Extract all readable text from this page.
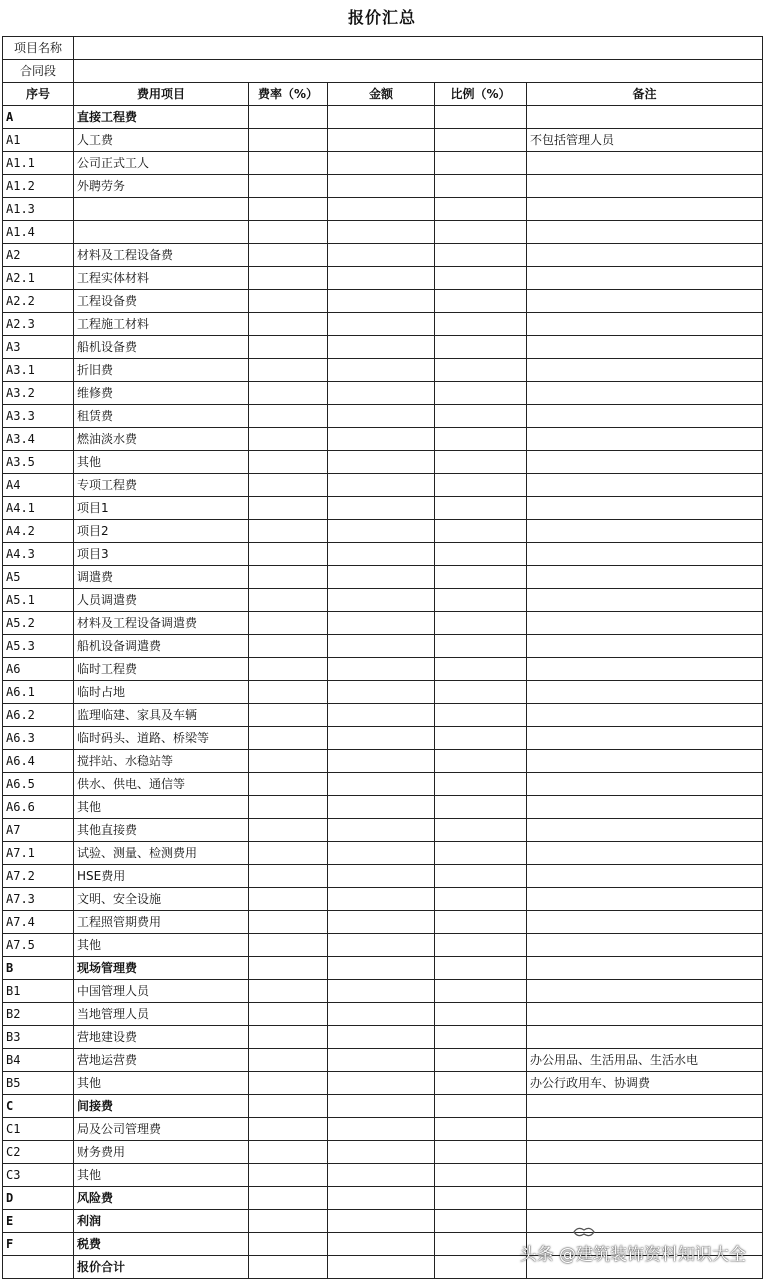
报价汇总
项目名称					
合同段					
序号	费用项目	费率（%）	金额	比例（%）	备注
A	直接工程费				
A1	人工费				不包括管理人员
A1.1	公司正式工人				
A1.2	外聘劳务				
A1.3					
A1.4					
A2	材料及工程设备费				
A2.1	工程实体材料				
A2.2	工程设备费				
A2.3	工程施工材料				
A3	船机设备费				
A3.1	折旧费				
A3.2	维修费				
A3.3	租赁费				
A3.4	燃油淡水费				
A3.5	其他				
A4	专项工程费				
A4.1	项目1				
A4.2	项目2				
A4.3	项目3				
A5	调遣费				
A5.1	人员调遣费				
A5.2	材料及工程设备调遣费				
A5.3	船机设备调遣费				
A6	临时工程费				
A6.1	临时占地				
A6.2	监理临建、家具及车辆				
A6.3	临时码头、道路、桥梁等				
A6.4	搅拌站、水稳站等				
A6.5	供水、供电、通信等				
A6.6	其他				
A7	其他直接费				
A7.1	试验、测量、检测费用				
A7.2	HSE费用				
A7.3	文明、安全设施				
A7.4	工程照管期费用				
A7.5	其他				
B	现场管理费				
B1	中国管理人员				
B2	当地管理人员				
B3	营地建设费				
B4	营地运营费				办公用品、生活用品、生活水电
B5	其他				办公行政用车、协调费
C	间接费				
C1	局及公司管理费				
C2	财务费用				
C3	其他				
D	风险费				
E	利润				
F	税费				
	报价合计				
头条 @建筑装饰资料知识大全
